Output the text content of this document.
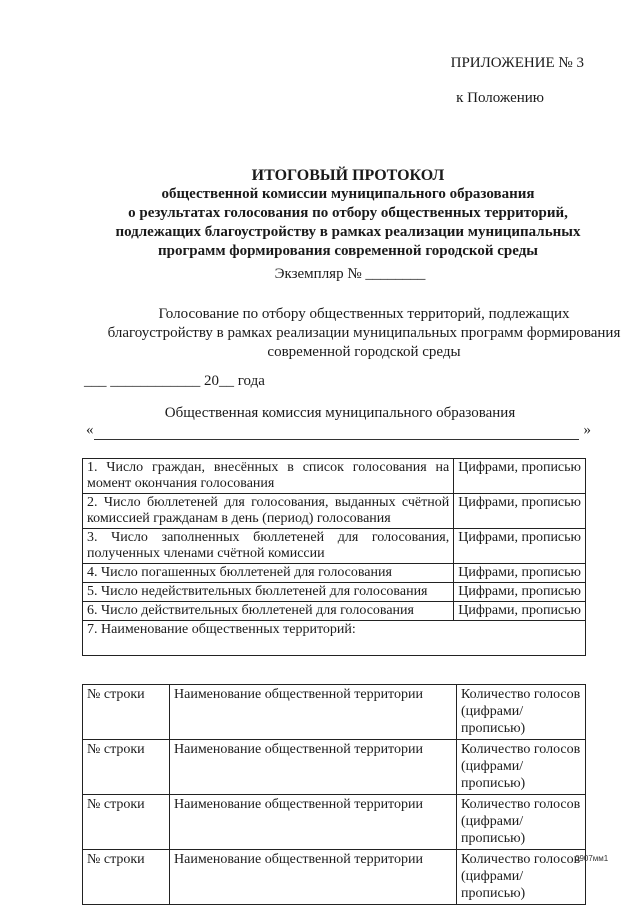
ПРИЛОЖЕНИЕ № 3
к Положению
ИТОГОВЫЙ ПРОТОКОЛ
общественной комиссии муниципального образования
о результатах голосования по отбору общественных территорий,
подлежащих благоустройству в рамках реализации муниципальных
программ формирования современной городской среды
Экземпляр № ________
Голосование по отбору общественных территорий, подлежащих
благоустройству в рамках реализации муниципальных программ формирования
современной городской среды
___ ____________ 20__ года
Общественная комиссия муниципального образования
«	»
1. Число граждан, внесённых в список голосования на момент окончания голосования	Цифрами, прописью
2. Число бюллетеней для голосования, выданных счётной комиссией гражданам в день (период) голосования	Цифрами, прописью
3. Число заполненных бюллетеней для голосования, полученных членами счётной комиссии	Цифрами, прописью
4. Число погашенных бюллетеней для голосования	Цифрами, прописью
5. Число недействительных бюллетеней для голосования	Цифрами, прописью
6. Число действительных бюллетеней для голосования	Цифрами, прописью
7. Наименование общественных территорий:	
№ строки	Наименование общественной территории	Количество голосов (цифрами/прописью)
№ строки	Наименование общественной территории	Количество голосов (цифрами/прописью)
№ строки	Наименование общественной территории	Количество голосов (цифрами/прописью)
№ строки	Наименование общественной территории	Количество голосов (цифрами/прописью)
0907мм1
